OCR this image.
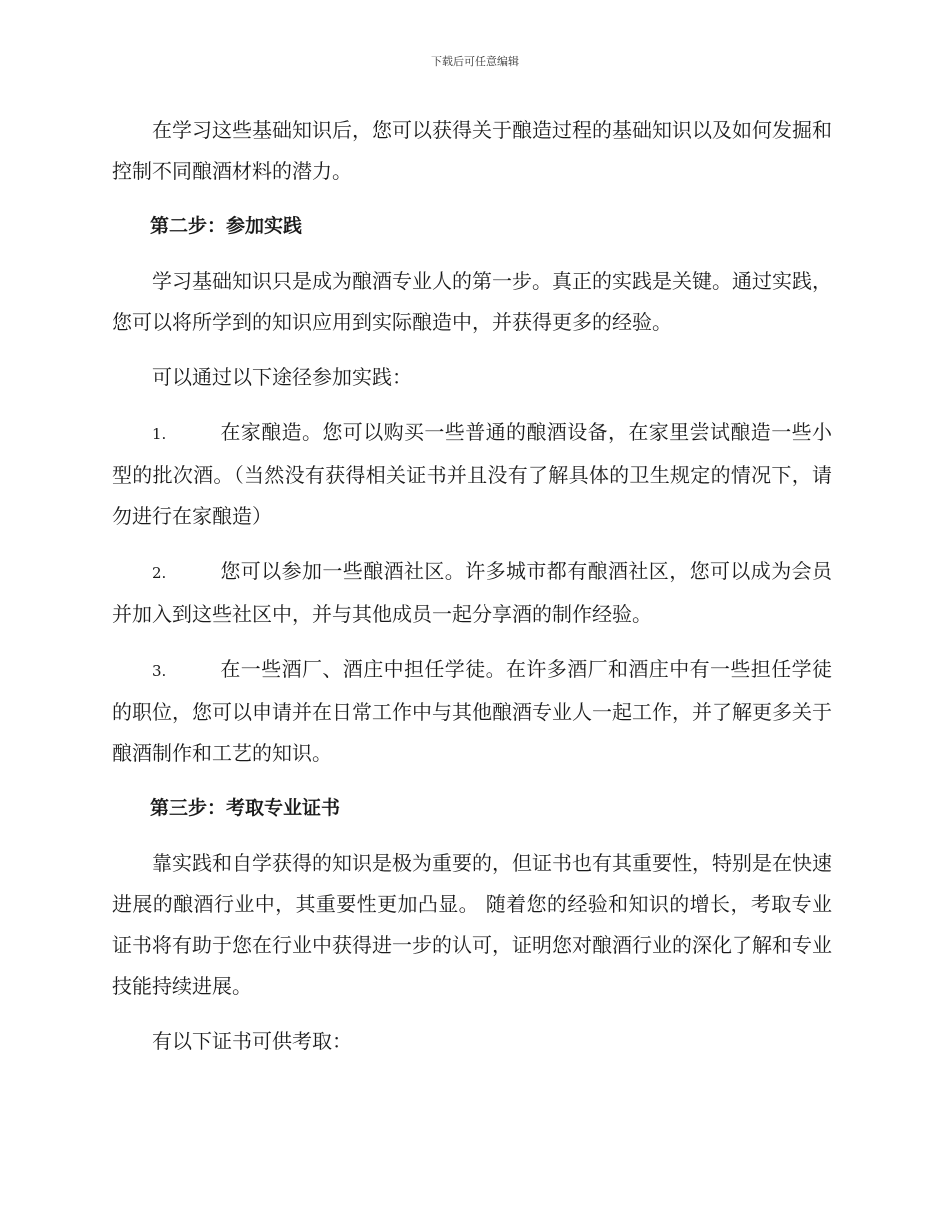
下载后可任意编辑

在学习这些基础知识后，您可以获得关于酿造过程的基础知识以及如何发掘和控制不同酿酒材料的潜力。

第二步：参加实践

学习基础知识只是成为酿酒专业人的第一步。真正的实践是关键。通过实践，您可以将所学到的知识应用到实际酿造中，并获得更多的经验。

可以通过以下途径参加实践：

1.	在家酿造。您可以购买一些普通的酿酒设备，在家里尝试酿造一些小型的批次酒。（当然没有获得相关证书并且没有了解具体的卫生规定的情况下，请勿进行在家酿造）

2.	您可以参加一些酿酒社区。许多城市都有酿酒社区，您可以成为会员并加入到这些社区中，并与其他成员一起分享酒的制作经验。

3.	在一些酒厂、酒庄中担任学徒。在许多酒厂和酒庄中有一些担任学徒的职位，您可以申请并在日常工作中与其他酿酒专业人一起工作，并了解更多关于酿酒制作和工艺的知识。

第三步：考取专业证书

靠实践和自学获得的知识是极为重要的，但证书也有其重要性，特别是在快速进展的酿酒行业中，其重要性更加凸显。 随着您的经验和知识的增长，考取专业证书将有助于您在行业中获得进一步的认可，证明您对酿酒行业的深化了解和专业技能持续进展。

有以下证书可供考取：
